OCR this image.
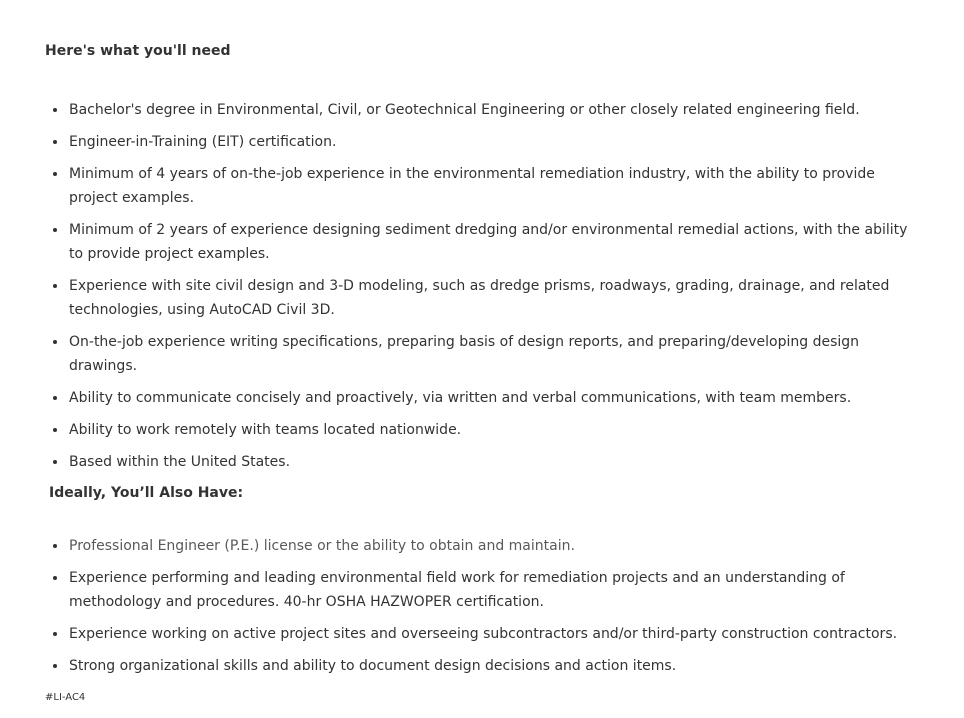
Here's what you'll need
Bachelor's degree in Environmental, Civil, or Geotechnical Engineering or other closely related engineering field.
Engineer-in-Training (EIT) certification.
Minimum of 4 years of on-the-job experience in the environmental remediation industry, with the ability to provide project examples.
Minimum of 2 years of experience designing sediment dredging and/or environmental remedial actions, with the ability to provide project examples.
Experience with site civil design and 3-D modeling, such as dredge prisms, roadways, grading, drainage, and related technologies, using AutoCAD Civil 3D.
On-the-job experience writing specifications, preparing basis of design reports, and preparing/developing design drawings.
Ability to communicate concisely and proactively, via written and verbal communications, with team members.
Ability to work remotely with teams located nationwide.
Based within the United States.
Ideally, You’ll Also Have:
Professional Engineer (P.E.) license or the ability to obtain and maintain.
Experience performing and leading environmental field work for remediation projects and an understanding of methodology and procedures. 40-hr OSHA HAZWOPER certification.
Experience working on active project sites and overseeing subcontractors and/or third-party construction contractors.
Strong organizational skills and ability to document design decisions and action items.
#LI-AC4
